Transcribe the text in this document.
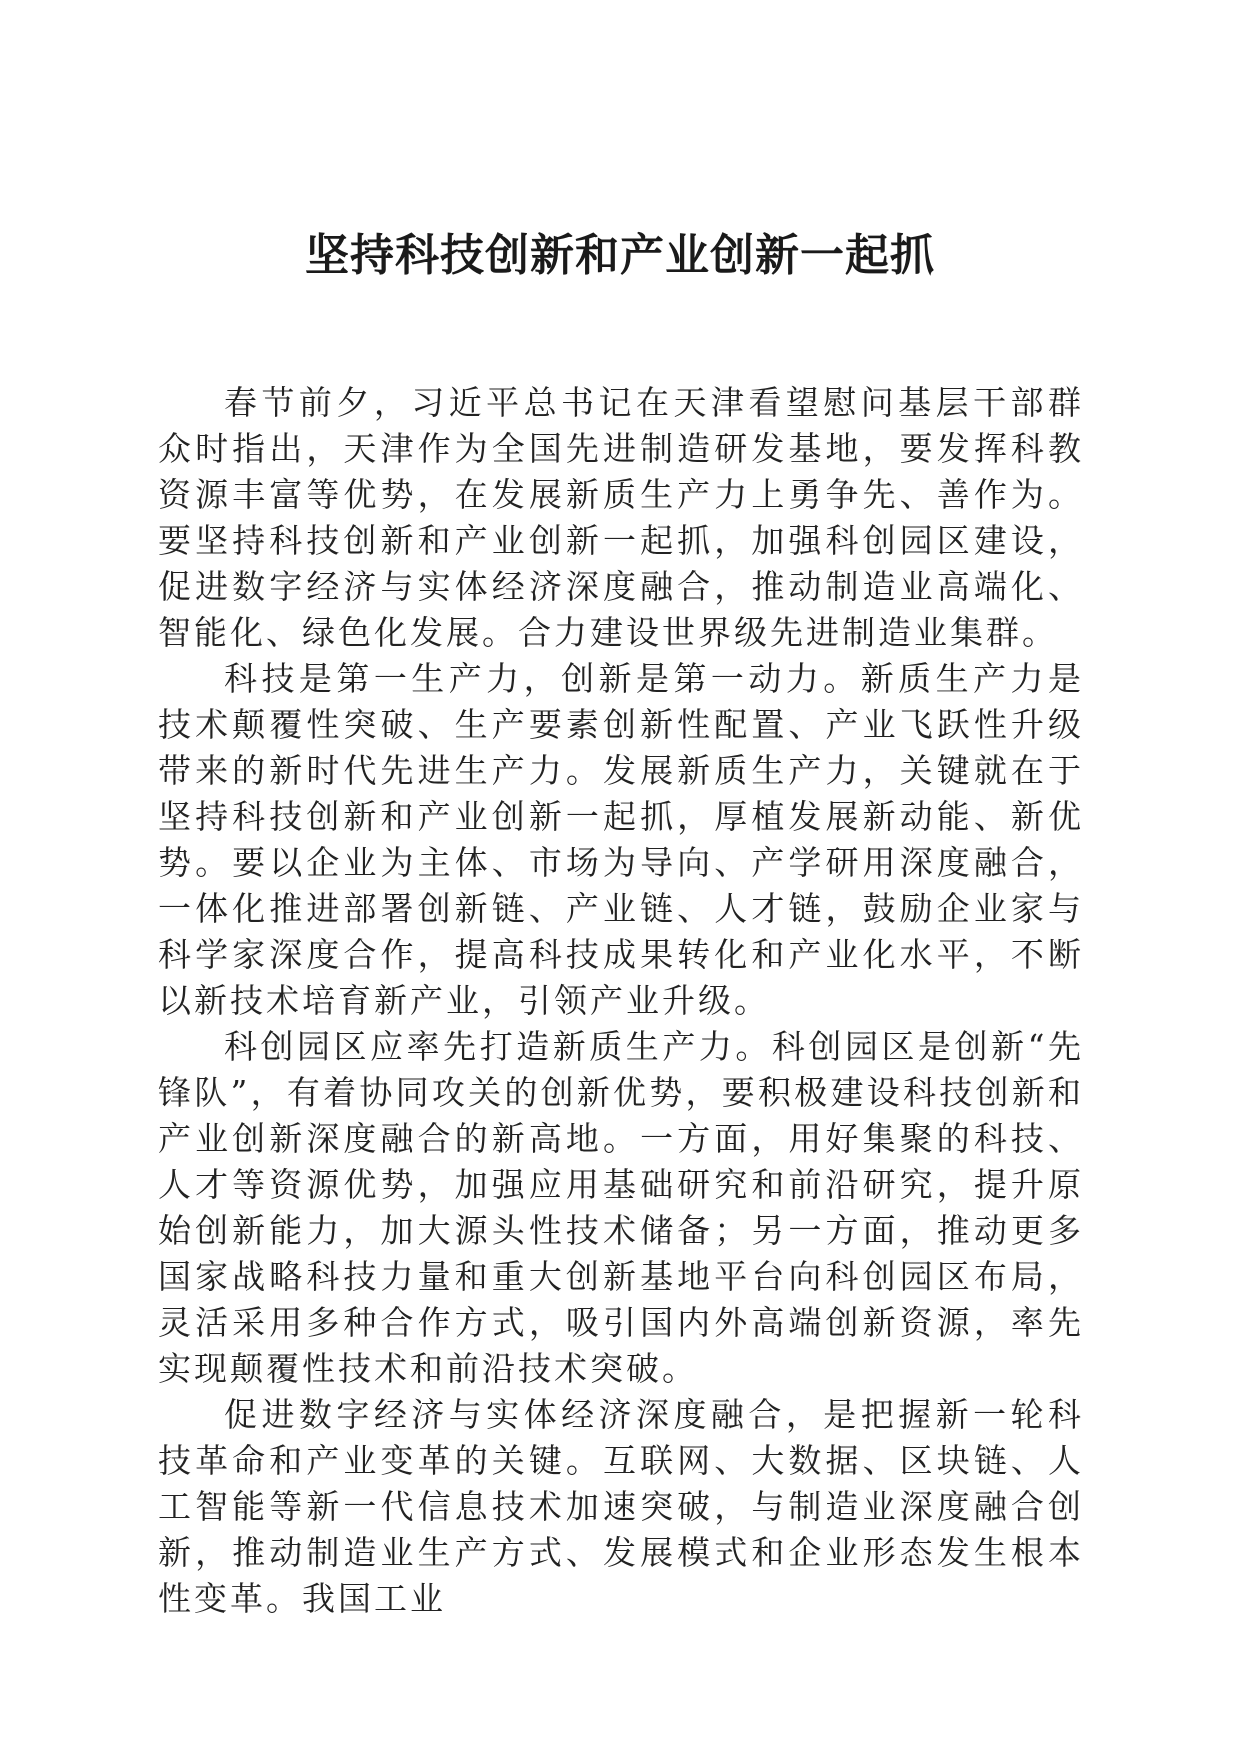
坚持科技创新和产业创新一起抓

春节前夕，习近平总书记在天津看望慰问基层干部群众时指出，天津作为全国先进制造研发基地，要发挥科教资源丰富等优势，在发展新质生产力上勇争先、善作为。要坚持科技创新和产业创新一起抓，加强科创园区建设，促进数字经济与实体经济深度融合，推动制造业高端化、智能化、绿色化发展。合力建设世界级先进制造业集群。

科技是第一生产力，创新是第一动力。新质生产力是技术颠覆性突破、生产要素创新性配置、产业飞跃性升级带来的新时代先进生产力。发展新质生产力，关键就在于坚持科技创新和产业创新一起抓，厚植发展新动能、新优势。要以企业为主体、市场为导向、产学研用深度融合，一体化推进部署创新链、产业链、人才链，鼓励企业家与科学家深度合作，提高科技成果转化和产业化水平，不断以新技术培育新产业，引领产业升级。

科创园区应率先打造新质生产力。科创园区是创新“先锋队”，有着协同攻关的创新优势，要积极建设科技创新和产业创新深度融合的新高地。一方面，用好集聚的科技、人才等资源优势，加强应用基础研究和前沿研究，提升原始创新能力，加大源头性技术储备；另一方面，推动更多国家战略科技力量和重大创新基地平台向科创园区布局，灵活采用多种合作方式，吸引国内外高端创新资源，率先实现颠覆性技术和前沿技术突破。

促进数字经济与实体经济深度融合，是把握新一轮科技革命和产业变革的关键。互联网、大数据、区块链、人工智能等新一代信息技术加速突破，与制造业深度融合创新，推动制造业生产方式、发展模式和企业形态发生根本性变革。我国工业
